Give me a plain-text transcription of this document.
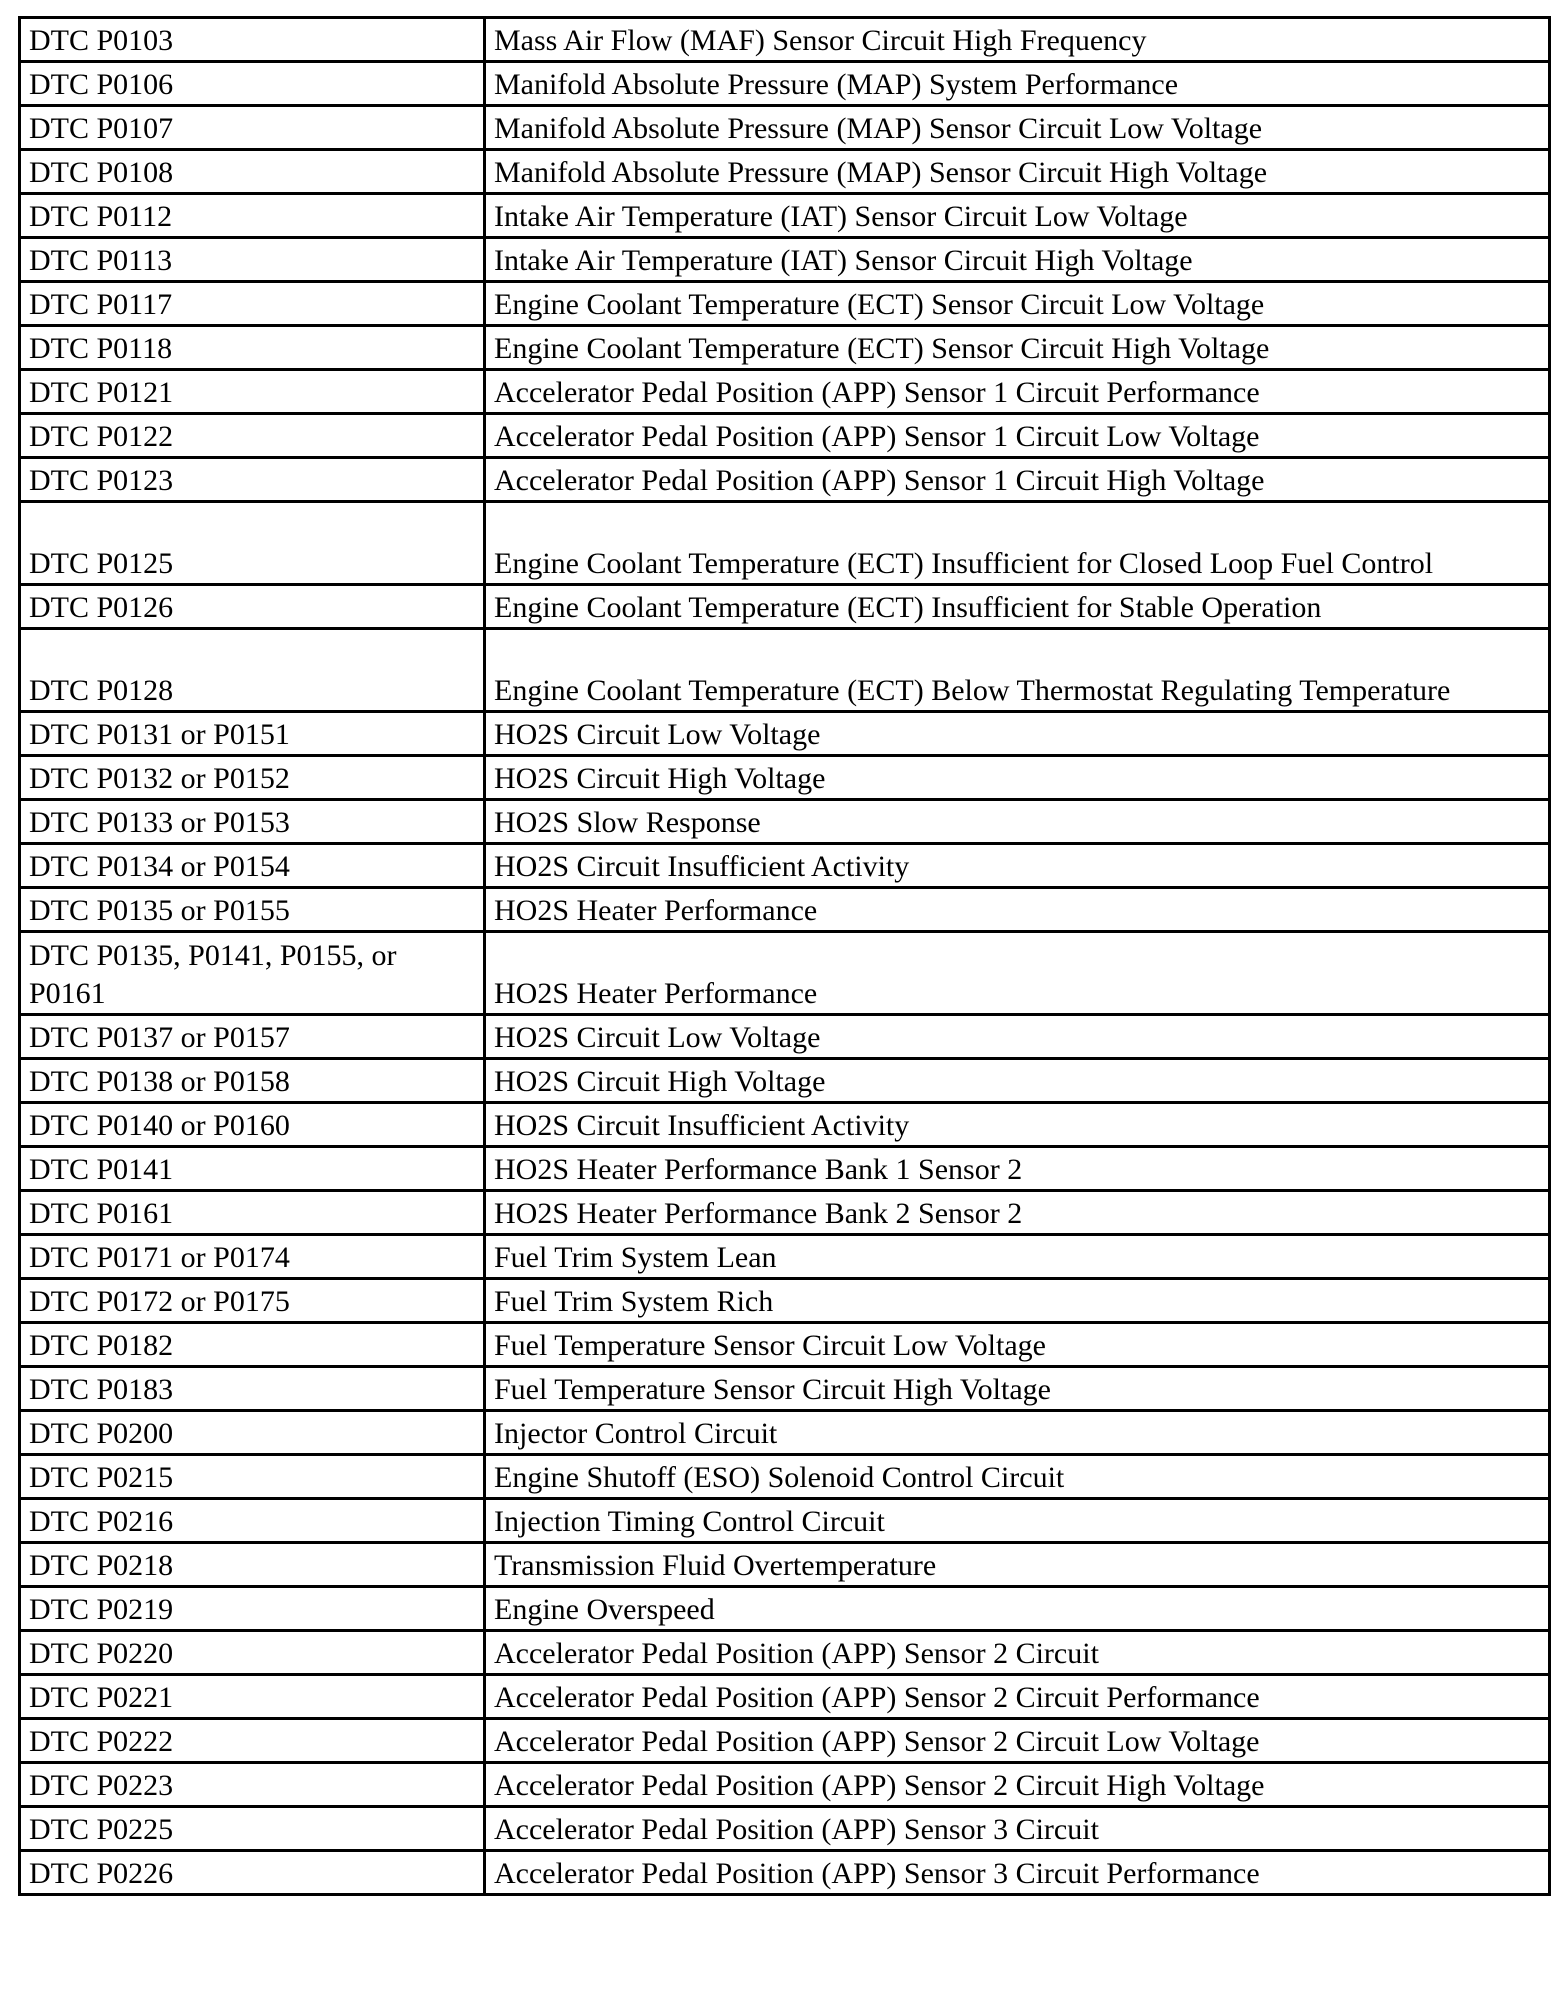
DTC P0103	Mass Air Flow (MAF) Sensor Circuit High Frequency
DTC P0106	Manifold Absolute Pressure (MAP) System Performance
DTC P0107	Manifold Absolute Pressure (MAP) Sensor Circuit Low Voltage
DTC P0108	Manifold Absolute Pressure (MAP) Sensor Circuit High Voltage
DTC P0112	Intake Air Temperature (IAT) Sensor Circuit Low Voltage
DTC P0113	Intake Air Temperature (IAT) Sensor Circuit High Voltage
DTC P0117	Engine Coolant Temperature (ECT) Sensor Circuit Low Voltage
DTC P0118	Engine Coolant Temperature (ECT) Sensor Circuit High Voltage
DTC P0121	Accelerator Pedal Position (APP) Sensor 1 Circuit Performance
DTC P0122	Accelerator Pedal Position (APP) Sensor 1 Circuit Low Voltage
DTC P0123	Accelerator Pedal Position (APP) Sensor 1 Circuit High Voltage
DTC P0125	Engine Coolant Temperature (ECT) Insufficient for Closed Loop Fuel Control
DTC P0126	Engine Coolant Temperature (ECT) Insufficient for Stable Operation
DTC P0128	Engine Coolant Temperature (ECT) Below Thermostat Regulating Temperature
DTC P0131 or P0151	HO2S Circuit Low Voltage
DTC P0132 or P0152	HO2S Circuit High Voltage
DTC P0133 or P0153	HO2S Slow Response
DTC P0134 or P0154	HO2S Circuit Insufficient Activity
DTC P0135 or P0155	HO2S Heater Performance
DTC P0135, P0141, P0155, or P0161	HO2S Heater Performance
DTC P0137 or P0157	HO2S Circuit Low Voltage
DTC P0138 or P0158	HO2S Circuit High Voltage
DTC P0140 or P0160	HO2S Circuit Insufficient Activity
DTC P0141	HO2S Heater Performance Bank 1 Sensor 2
DTC P0161	HO2S Heater Performance Bank 2 Sensor 2
DTC P0171 or P0174	Fuel Trim System Lean
DTC P0172 or P0175	Fuel Trim System Rich
DTC P0182	Fuel Temperature Sensor Circuit Low Voltage
DTC P0183	Fuel Temperature Sensor Circuit High Voltage
DTC P0200	Injector Control Circuit
DTC P0215	Engine Shutoff (ESO) Solenoid Control Circuit
DTC P0216	Injection Timing Control Circuit
DTC P0218	Transmission Fluid Overtemperature
DTC P0219	Engine Overspeed
DTC P0220	Accelerator Pedal Position (APP) Sensor 2 Circuit
DTC P0221	Accelerator Pedal Position (APP) Sensor 2 Circuit Performance
DTC P0222	Accelerator Pedal Position (APP) Sensor 2 Circuit Low Voltage
DTC P0223	Accelerator Pedal Position (APP) Sensor 2 Circuit High Voltage
DTC P0225	Accelerator Pedal Position (APP) Sensor 3 Circuit
DTC P0226	Accelerator Pedal Position (APP) Sensor 3 Circuit Performance
